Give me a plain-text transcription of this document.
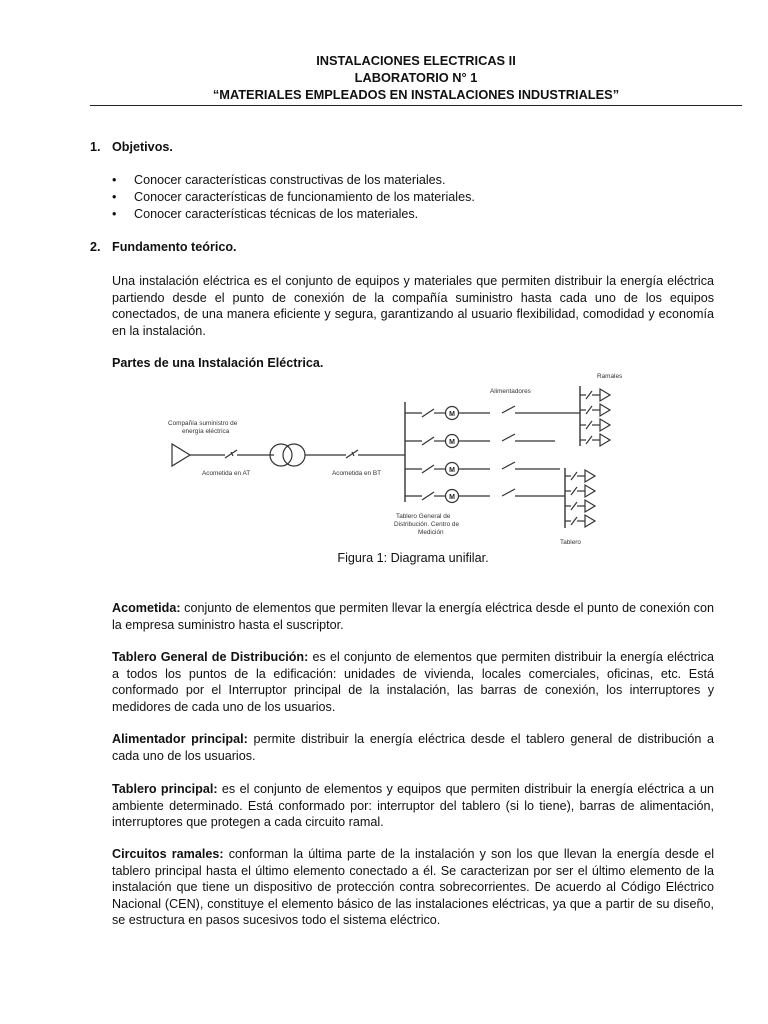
INSTALACIONES ELECTRICAS II
LABORATORIO N° 1
“MATERIALES EMPLEADOS EN INSTALACIONES INDUSTRIALES”
1. Objetivos.
• Conocer características constructivas de los materiales.
• Conocer características de funcionamiento de los materiales.
• Conocer características técnicas de los materiales.
2. Fundamento teórico.
Una instalación eléctrica es el conjunto de equipos y materiales que permiten distribuir la energía eléctrica partiendo desde el punto de conexión de la compañía suministro hasta cada uno de los equipos conectados, de una manera eficiente y segura, garantizando al usuario flexibilidad, comodidad y economía en la instalación.
Partes de una Instalación Eléctrica.
M
M
M
M
Compañía suministro de
energía eléctrica
Acometida en AT	Acometida en BT
Alimentadores
Ramales
Tablero General de
Distribución. Centro de
Medición
Tablero
Figura 1: Diagrama unifilar.
Acometida: conjunto de elementos que permiten llevar la energía eléctrica desde el punto de conexión con la empresa suministro hasta el suscriptor.
Tablero General de Distribución: es el conjunto de elementos que permiten distribuir la energía eléctrica a todos los puntos de la edificación: unidades de vivienda, locales comerciales, oficinas, etc. Está conformado por el Interruptor principal de la instalación, las barras de conexión, los interruptores y medidores de cada uno de los usuarios.
Alimentador principal: permite distribuir la energía eléctrica desde el tablero general de distribución a cada uno de los usuarios.
Tablero principal: es el conjunto de elementos y equipos que permiten distribuir la energía eléctrica a un ambiente determinado. Está conformado por: interruptor del tablero (si lo tiene), barras de alimentación, interruptores que protegen a cada circuito ramal.
Circuitos ramales: conforman la última parte de la instalación y son los que llevan la energía desde el tablero principal hasta el último elemento conectado a él. Se caracterizan por ser el último elemento de la instalación que tiene un dispositivo de protección contra sobrecorrientes. De acuerdo al Código Eléctrico Nacional (CEN), constituye el elemento básico de las instalaciones eléctricas, ya que a partir de su diseño, se estructura en pasos sucesivos todo el sistema eléctrico.
